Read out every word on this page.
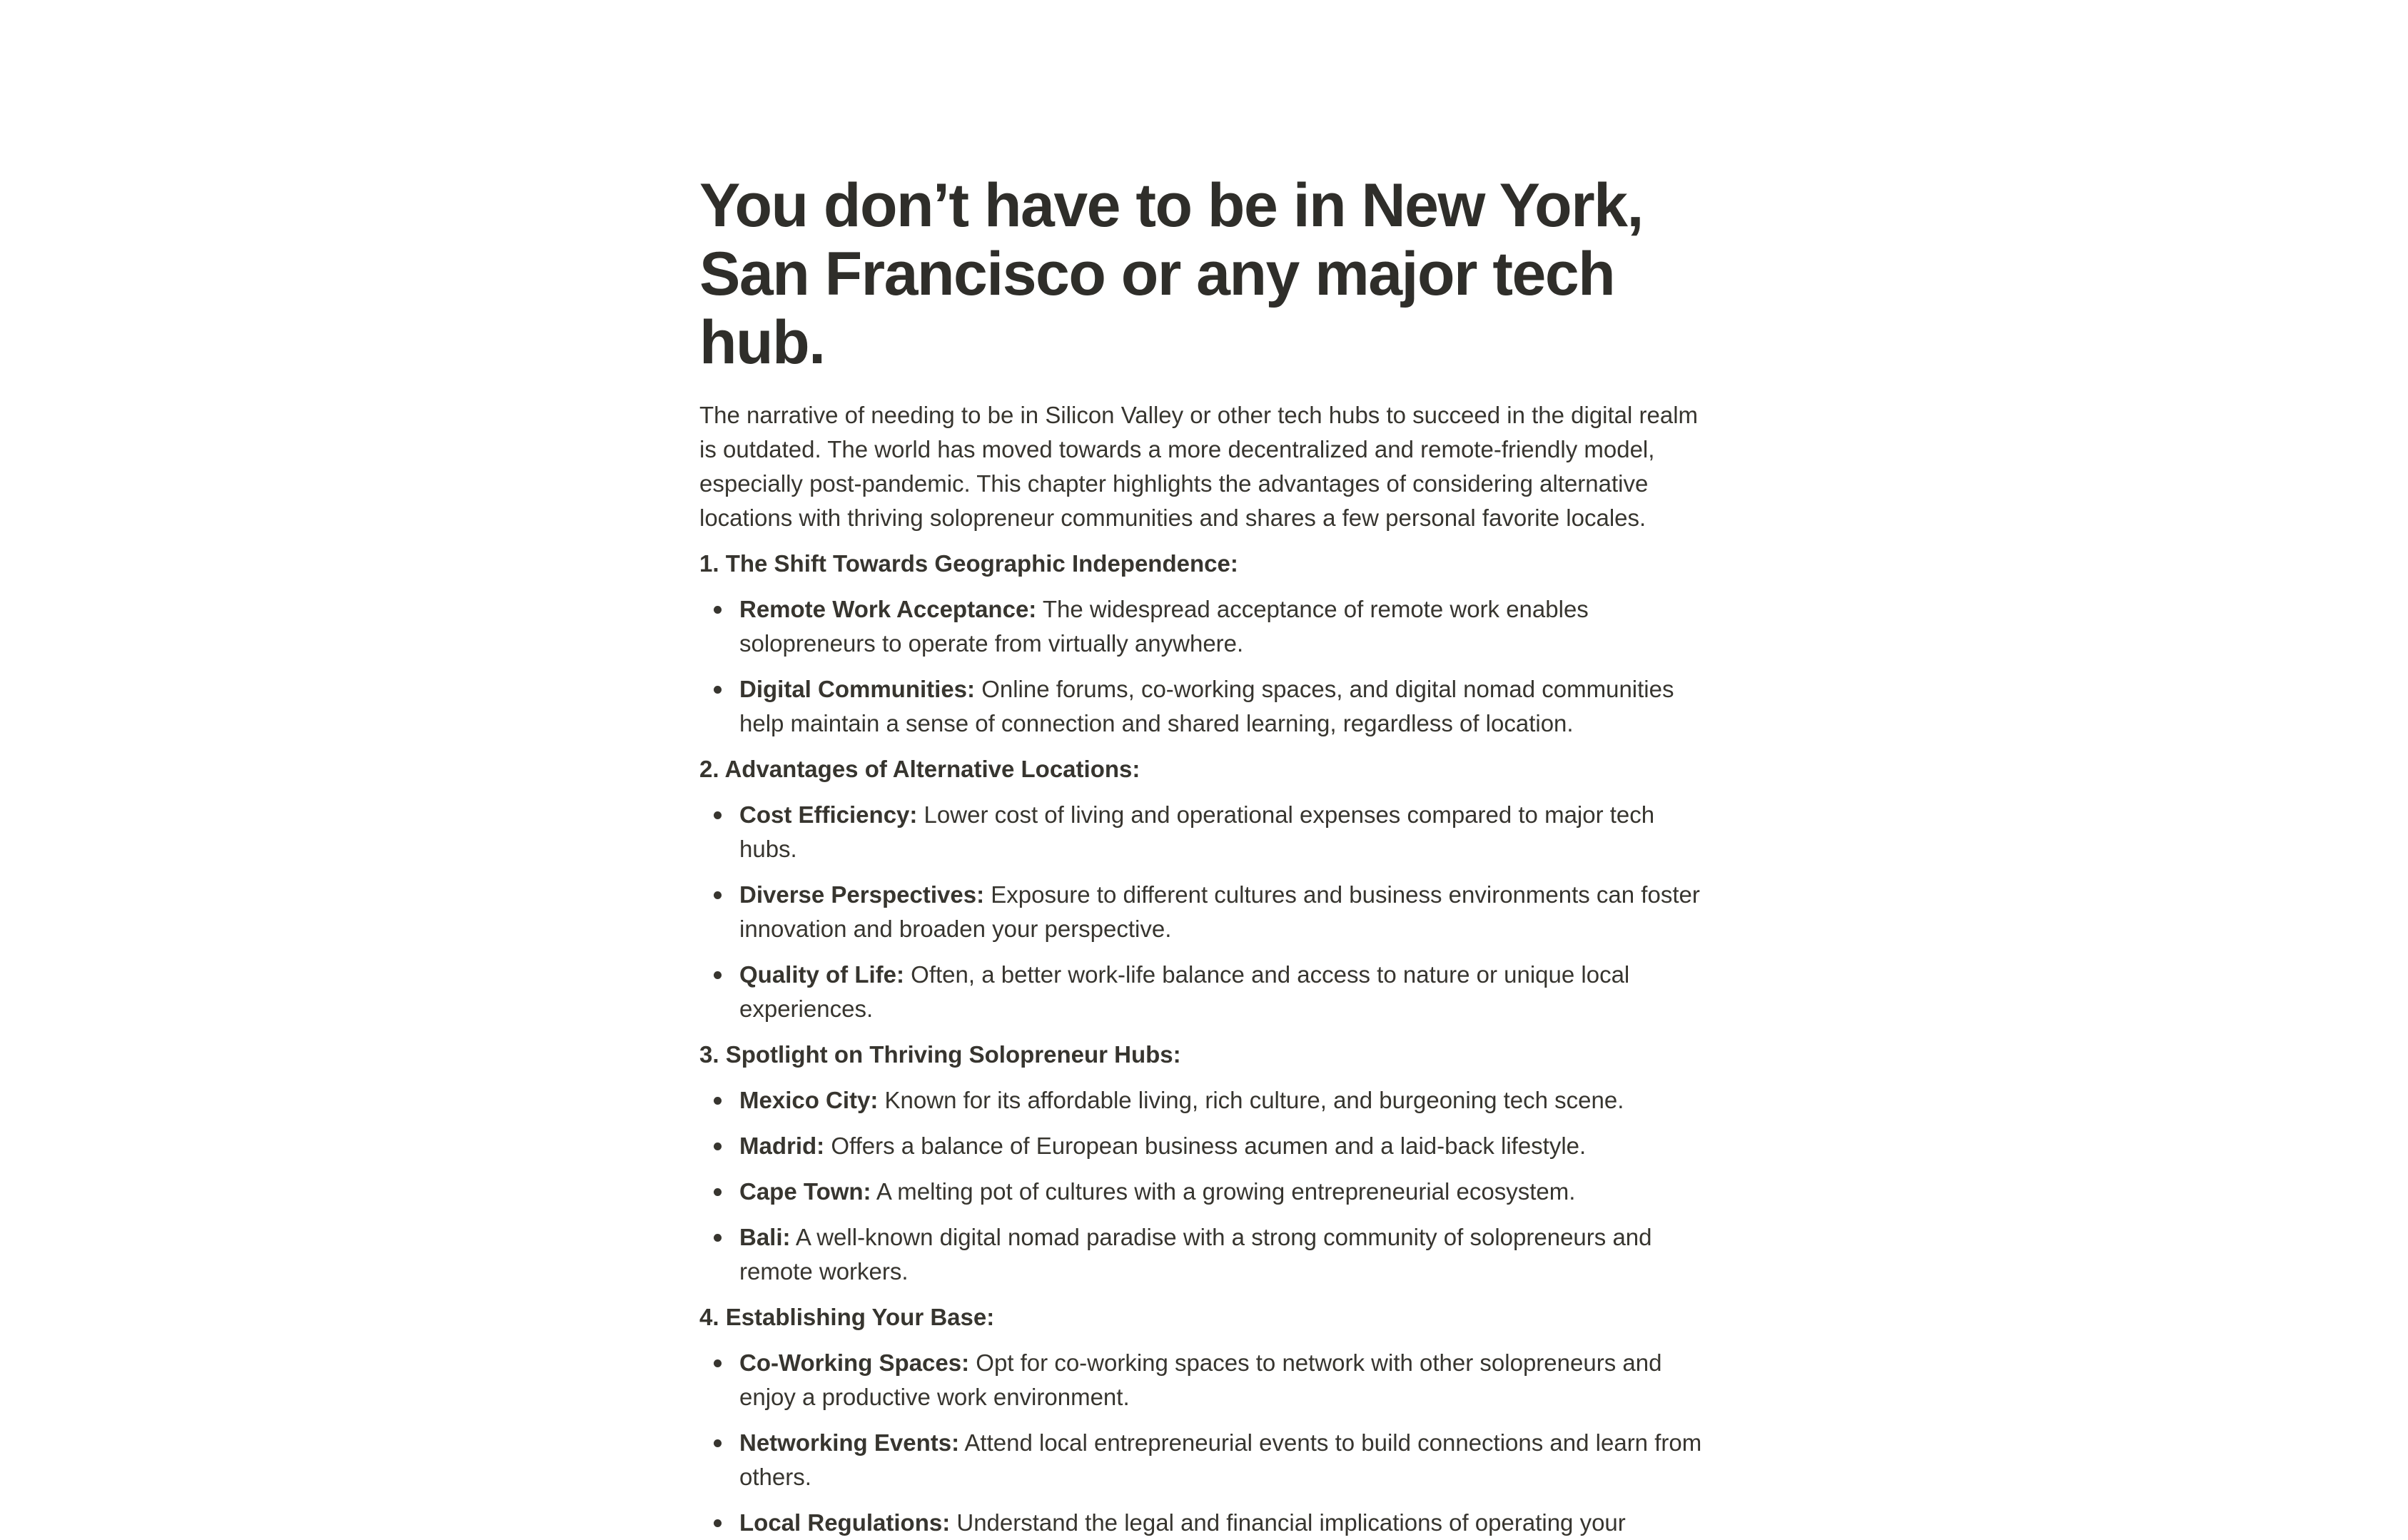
You don’t have to be in New York, San Francisco or any major tech hub.

The narrative of needing to be in Silicon Valley or other tech hubs to succeed in the digital realm is outdated. The world has moved towards a more decentralized and remote-friendly model, especially post-pandemic. This chapter highlights the advantages of considering alternative locations with thriving solopreneur communities and shares a few personal favorite locales.

1. The Shift Towards Geographic Independence:
Remote Work Acceptance: The widespread acceptance of remote work enables solopreneurs to operate from virtually anywhere.
Digital Communities: Online forums, co-working spaces, and digital nomad communities help maintain a sense of connection and shared learning, regardless of location.
2. Advantages of Alternative Locations:
Cost Efficiency: Lower cost of living and operational expenses compared to major tech hubs.
Diverse Perspectives: Exposure to different cultures and business environments can foster innovation and broaden your perspective.
Quality of Life: Often, a better work-life balance and access to nature or unique local experiences.
3. Spotlight on Thriving Solopreneur Hubs:
Mexico City: Known for its affordable living, rich culture, and burgeoning tech scene.
Madrid: Offers a balance of European business acumen and a laid-back lifestyle.
Cape Town: A melting pot of cultures with a growing entrepreneurial ecosystem.
Bali: A well-known digital nomad paradise with a strong community of solopreneurs and remote workers.
4. Establishing Your Base:
Co-Working Spaces: Opt for co-working spaces to network with other solopreneurs and enjoy a productive work environment.
Networking Events: Attend local entrepreneurial events to build connections and learn from others.
Local Regulations: Understand the legal and financial implications of operating your
